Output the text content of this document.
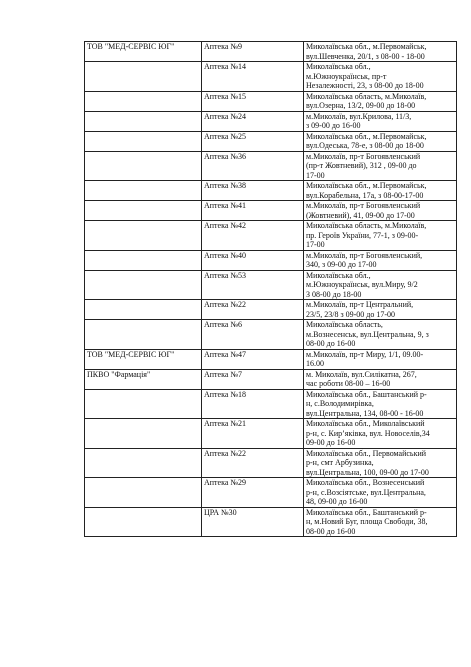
ТОВ "МЕД-СЕРВІС ЮГ"	Аптека №9	Миколаївська обл., м.Первомайськ,
вул.Шевченка, 20/1, з 08-00 - 18-00
	Аптека №14	Миколаївська обл.,
м.Южноукраїнськ, пр-т
Незалежності, 23, з 08-00 до 18-00
	Аптека №15	Миколаївська область, м.Миколаїв,
вул.Озерна, 13/2, 09-00 до 18-00
	Аптека №24	м.Миколаїв, вул.Крилова, 11/3,
з 09-00 до 16-00
	Аптека №25	Миколаївська обл., м.Первомайськ,
вул.Одеська, 78-е, з 08-00 до 18-00
	Аптека №36	м.Миколаїв, пр-т Богоявленський
(пр-т Жовтневий), 312 , 09-00 до
17-00
	Аптека №38	Миколаївська обл., м.Первомайськ,
вул.Корабельна, 17а, з 08-00-17-00
	Аптека №41	м.Миколаїв, пр-т Богоявленський
(Жовтневий), 41, 09-00 до 17-00
	Аптека №42	Миколаївська область, м.Миколаїв,
пр. Героїв України, 77-1, з 09-00-
17-00
	Аптека №40	м.Миколаїв, пр-т Богоявленський,
340, з 09-00 до 17-00
	Аптека №53	Миколаївська обл.,
м.Южноукраїнськ, вул.Миру, 9/2
З 08-00 до 18-00
	Аптека №22	м.Миколаїв, пр-т Центральний,
23/5, 23/8 з 09-00 до 17-00
	Аптека №6	Миколаївська область,
м.Вознесенськ, вул.Центральна, 9, з
08-00 до 16-00
ТОВ "МЕД-СЕРВІС ЮГ"	Аптека №47	м.Миколаїв, пр-т Миру, 1/1, 09.00-
16.00
ПКВО "Фармація"	Аптека №7	м. Миколаїв, вул.Силікатна, 267,
час роботи 08-00 – 16-00
	Аптека №18	Миколаївська обл., Баштанський р-
н, с.Володимирівка,
вул.Центральна, 134, 08-00 - 16-00
	Аптека №21	Миколаївська обл., Миколаївський
р-н, с. Кир’яківка, вул. Новоселів,34
09-00 до 16-00
	Аптека №22	Миколаївська обл., Первомайський
р-н, смт Арбузинка,
вул.Центральна, 100, 09-00 до 17-00
	Аптека №29	Миколаївська обл., Вознесенський
р-н, с.Возсіятське, вул.Центральна,
48, 09-00 до 16-00
	ЦРА №30	Миколаївська обл., Баштанський р-
н, м.Новий Буг, площа Свободи, 38,
08-00 до 16-00
